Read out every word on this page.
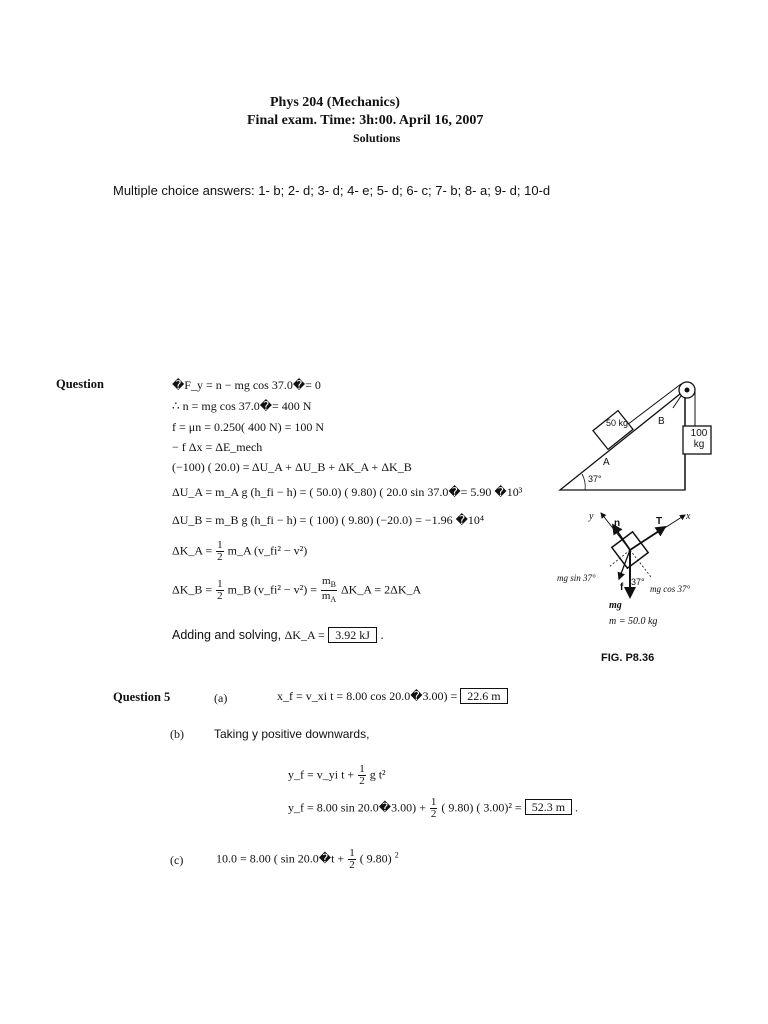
Phys 204 (Mechanics)
Final exam. Time: 3h:00. April 16, 2007
Solutions
Multiple choice answers: 1- b; 2- d; 3- d; 4- e; 5- d; 6- c; 7- b; 8- a; 9- d; 10-d
Question	�F_y = n − mg cos 37.0�= 0
∴ n = mg cos 37.0�= 400 N
f = μn = 0.250( 400 N) = 100 N
− f Δx = ΔE_mech
(−100) ( 20.0) = ΔU_A + ΔU_B + ΔK_A + ΔK_B
ΔU_A = m_A g (h_fi − h) = ( 50.0) ( 9.80) ( 20.0 sin 37.0�= 5.90 �10³
ΔU_B = m_B g (h_fi − h) = ( 100) ( 9.80) (−20.0) = −1.96 �10⁴
ΔK_A = $\frac{1}{2}$ m_A (v_fi² − v²)
ΔK_B = $\frac{1}{2}$ m_B (v_fi² − $v^2) = \frac{m_B}{m_A}$ ΔK_A = 2ΔK_A
Adding and solving, ΔK_A = 3.92 kJ .
50 kg
100 kg
A
B
37°
y
n	T x
f 37°
mg sin 37°
mg cos 37°
mg
m = 50.0 kg
FIG. P8.36
Question 5	(a)	x_f = v_xi t = 8.00 cos 20.0�3.00) = 22.6 m
(b)	Taking y positive downwards,
y_f = v_yi $t + \frac{1}{2}$ g t²
y_f = 8.00 sin 20.0�3.00) + $\frac{1}{2}$ ( 9.80) ( 3.00)² = 52.3 m .
(c)	10.0 = 8.00 ( sin 20.0�t + $\frac{1}{2}$ ( 9.80) $^2$
